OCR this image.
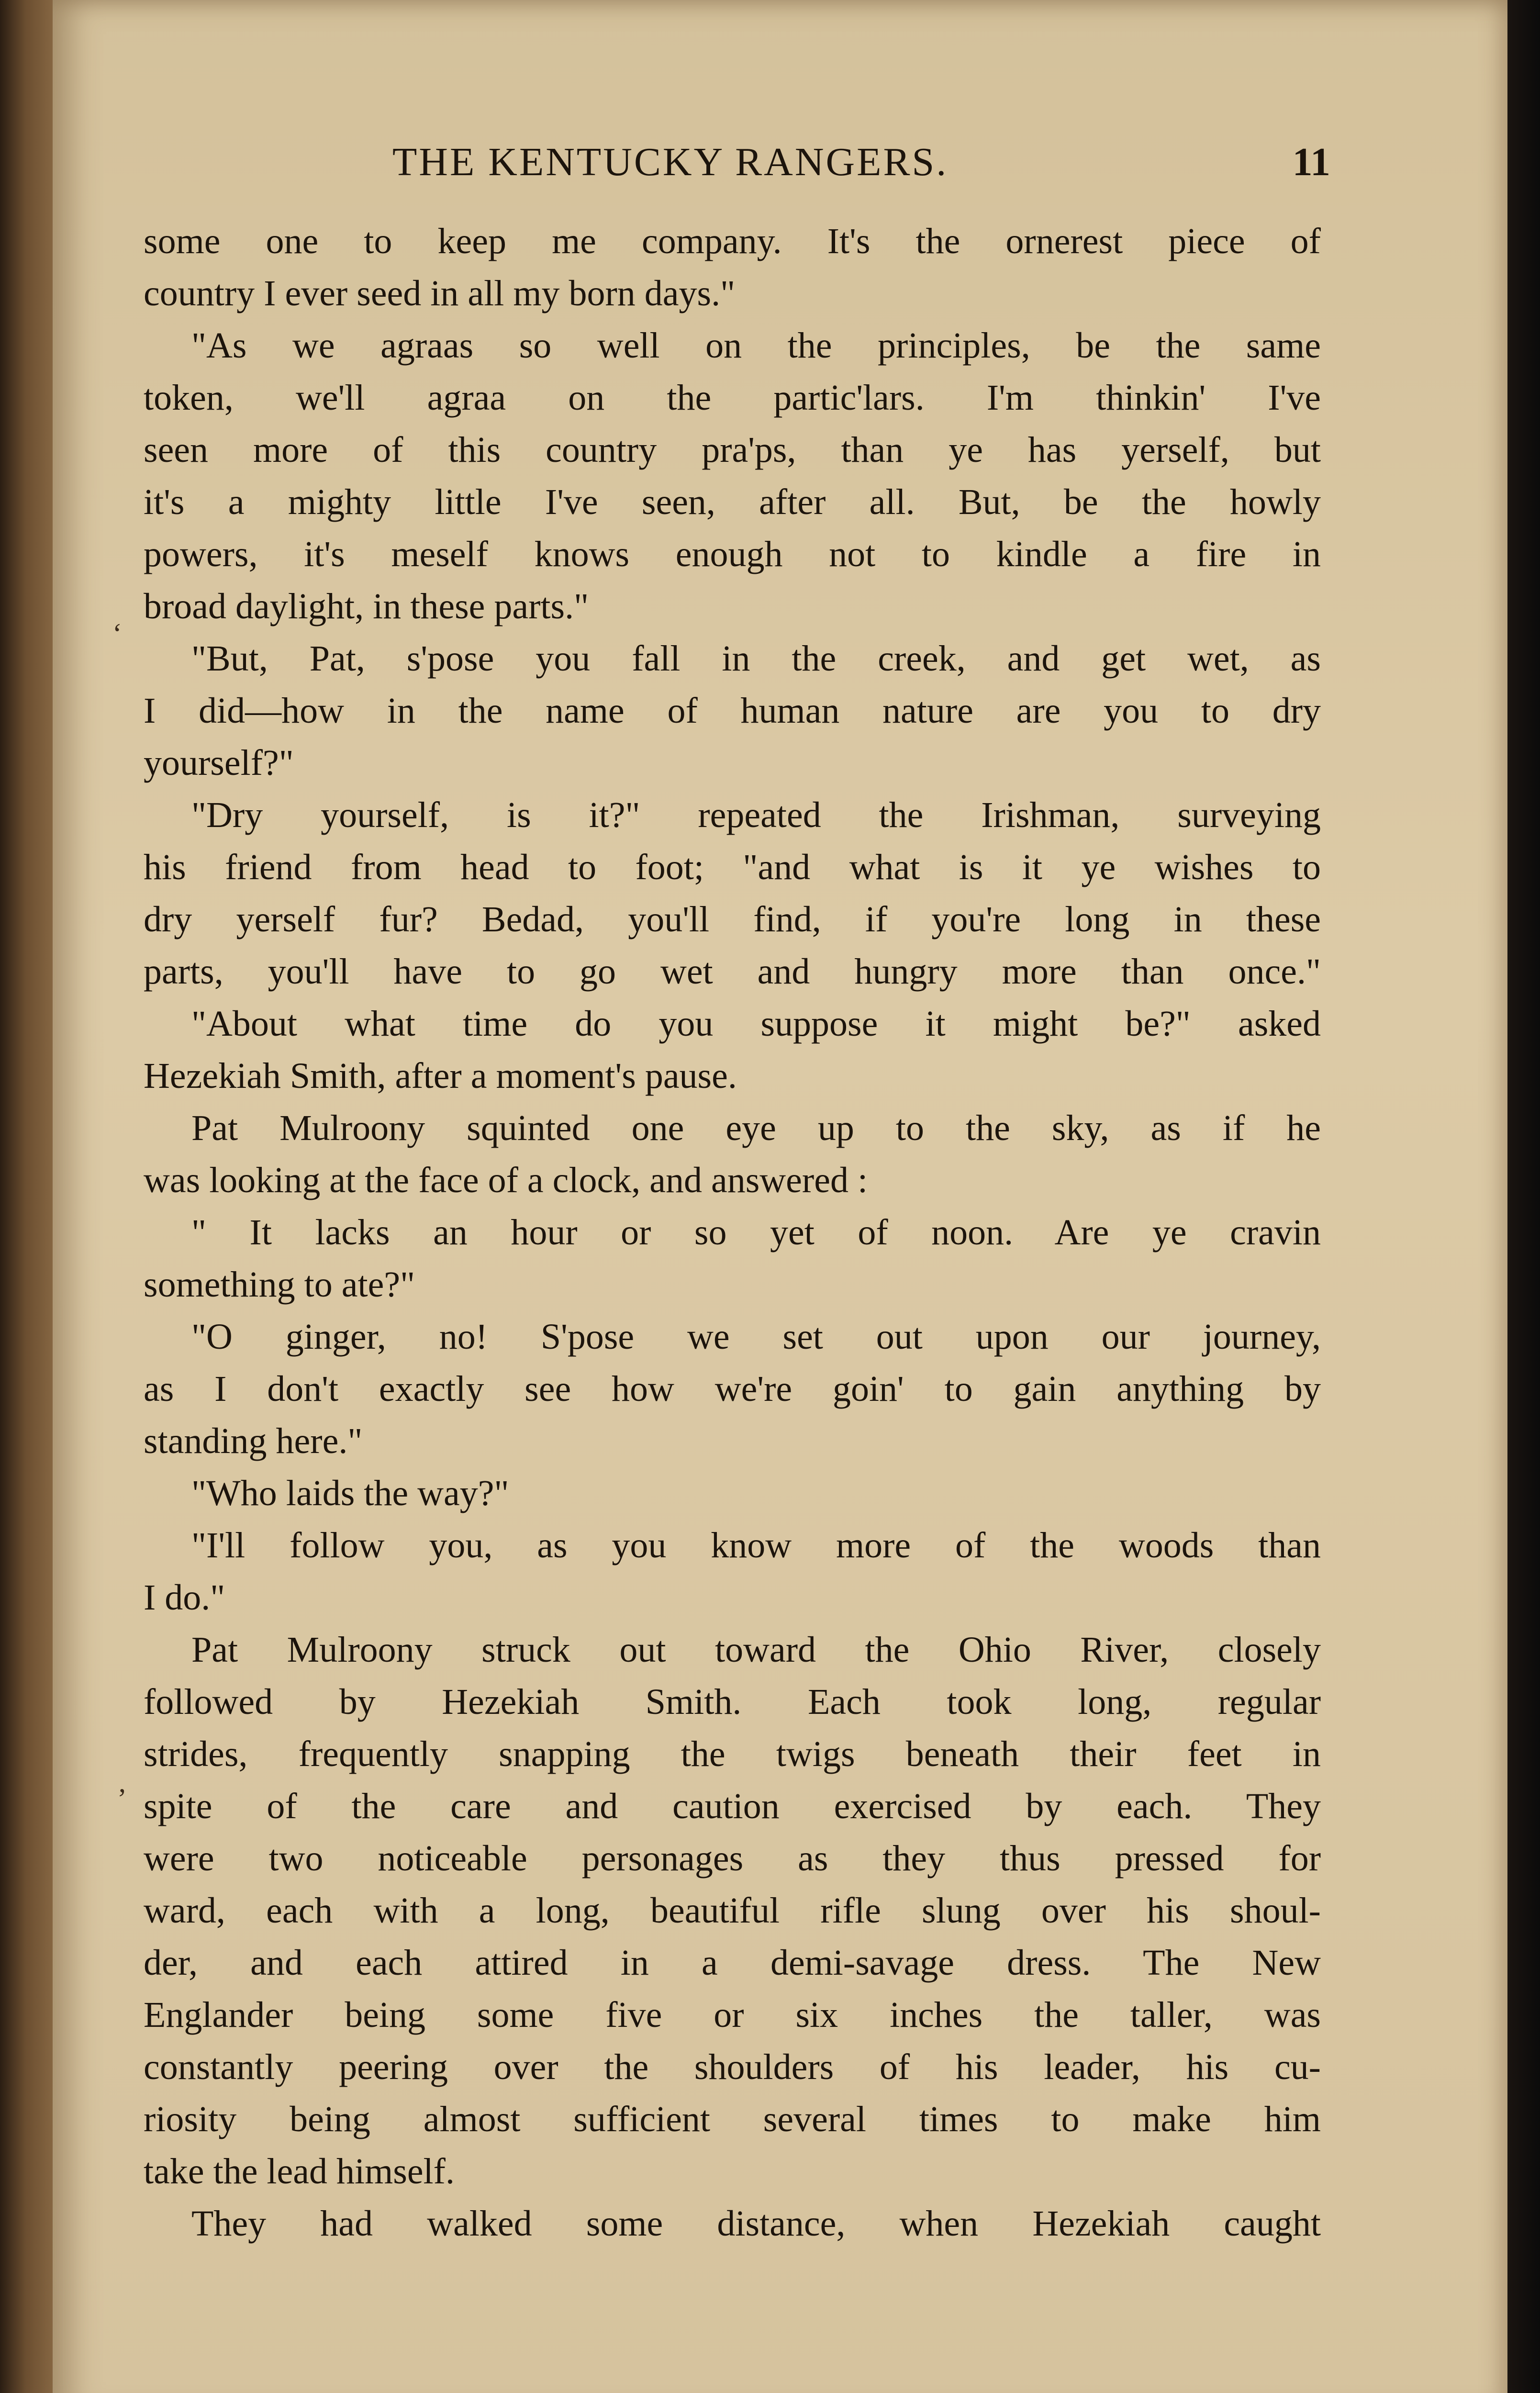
THE KENTUCKY RANGERS.	11
some one to keep me company. It's the ornerest piece of
country I ever seed in all my born days."
"As we agraas so well on the principles, be the same
token, we'll agraa on the partic'lars. I'm thinkin' I've
seen more of this country pra'ps, than ye has yerself, but
it's a mighty little I've seen, after all. But, be the howly
powers, it's meself knows enough not to kindle a fire in
broad daylight, in these parts."
"But, Pat, s'pose you fall in the creek, and get wet, as
I did—how in the name of human nature are you to dry
yourself?"
"Dry yourself, is it?" repeated the Irishman, surveying
his friend from head to foot; "and what is it ye wishes to
dry yerself fur? Bedad, you'll find, if you're long in these
parts, you'll have to go wet and hungry more than once."
"About what time do you suppose it might be?" asked
Hezekiah Smith, after a moment's pause.
Pat Mulroony squinted one eye up to the sky, as if he
was looking at the face of a clock, and answered :
" It lacks an hour or so yet of noon. Are ye cravin
something to ate?"
"O ginger, no! S'pose we set out upon our journey,
as I don't exactly see how we're goin' to gain anything by
standing here."
"Who laids the way?"
"I'll follow you, as you know more of the woods than
I do."
Pat Mulroony struck out toward the Ohio River, closely
followed by Hezekiah Smith. Each took long, regular
strides, frequently snapping the twigs beneath their feet in
spite of the care and caution exercised by each. They
were two noticeable personages as they thus pressed for
ward, each with a long, beautiful rifle slung over his shoul-
der, and each attired in a demi-savage dress. The New
Englander being some five or six inches the taller, was
constantly peering over the shoulders of his leader, his cu-
riosity being almost sufficient several times to make him
take the lead himself.
They had walked some distance, when Hezekiah caught
‘
‚
